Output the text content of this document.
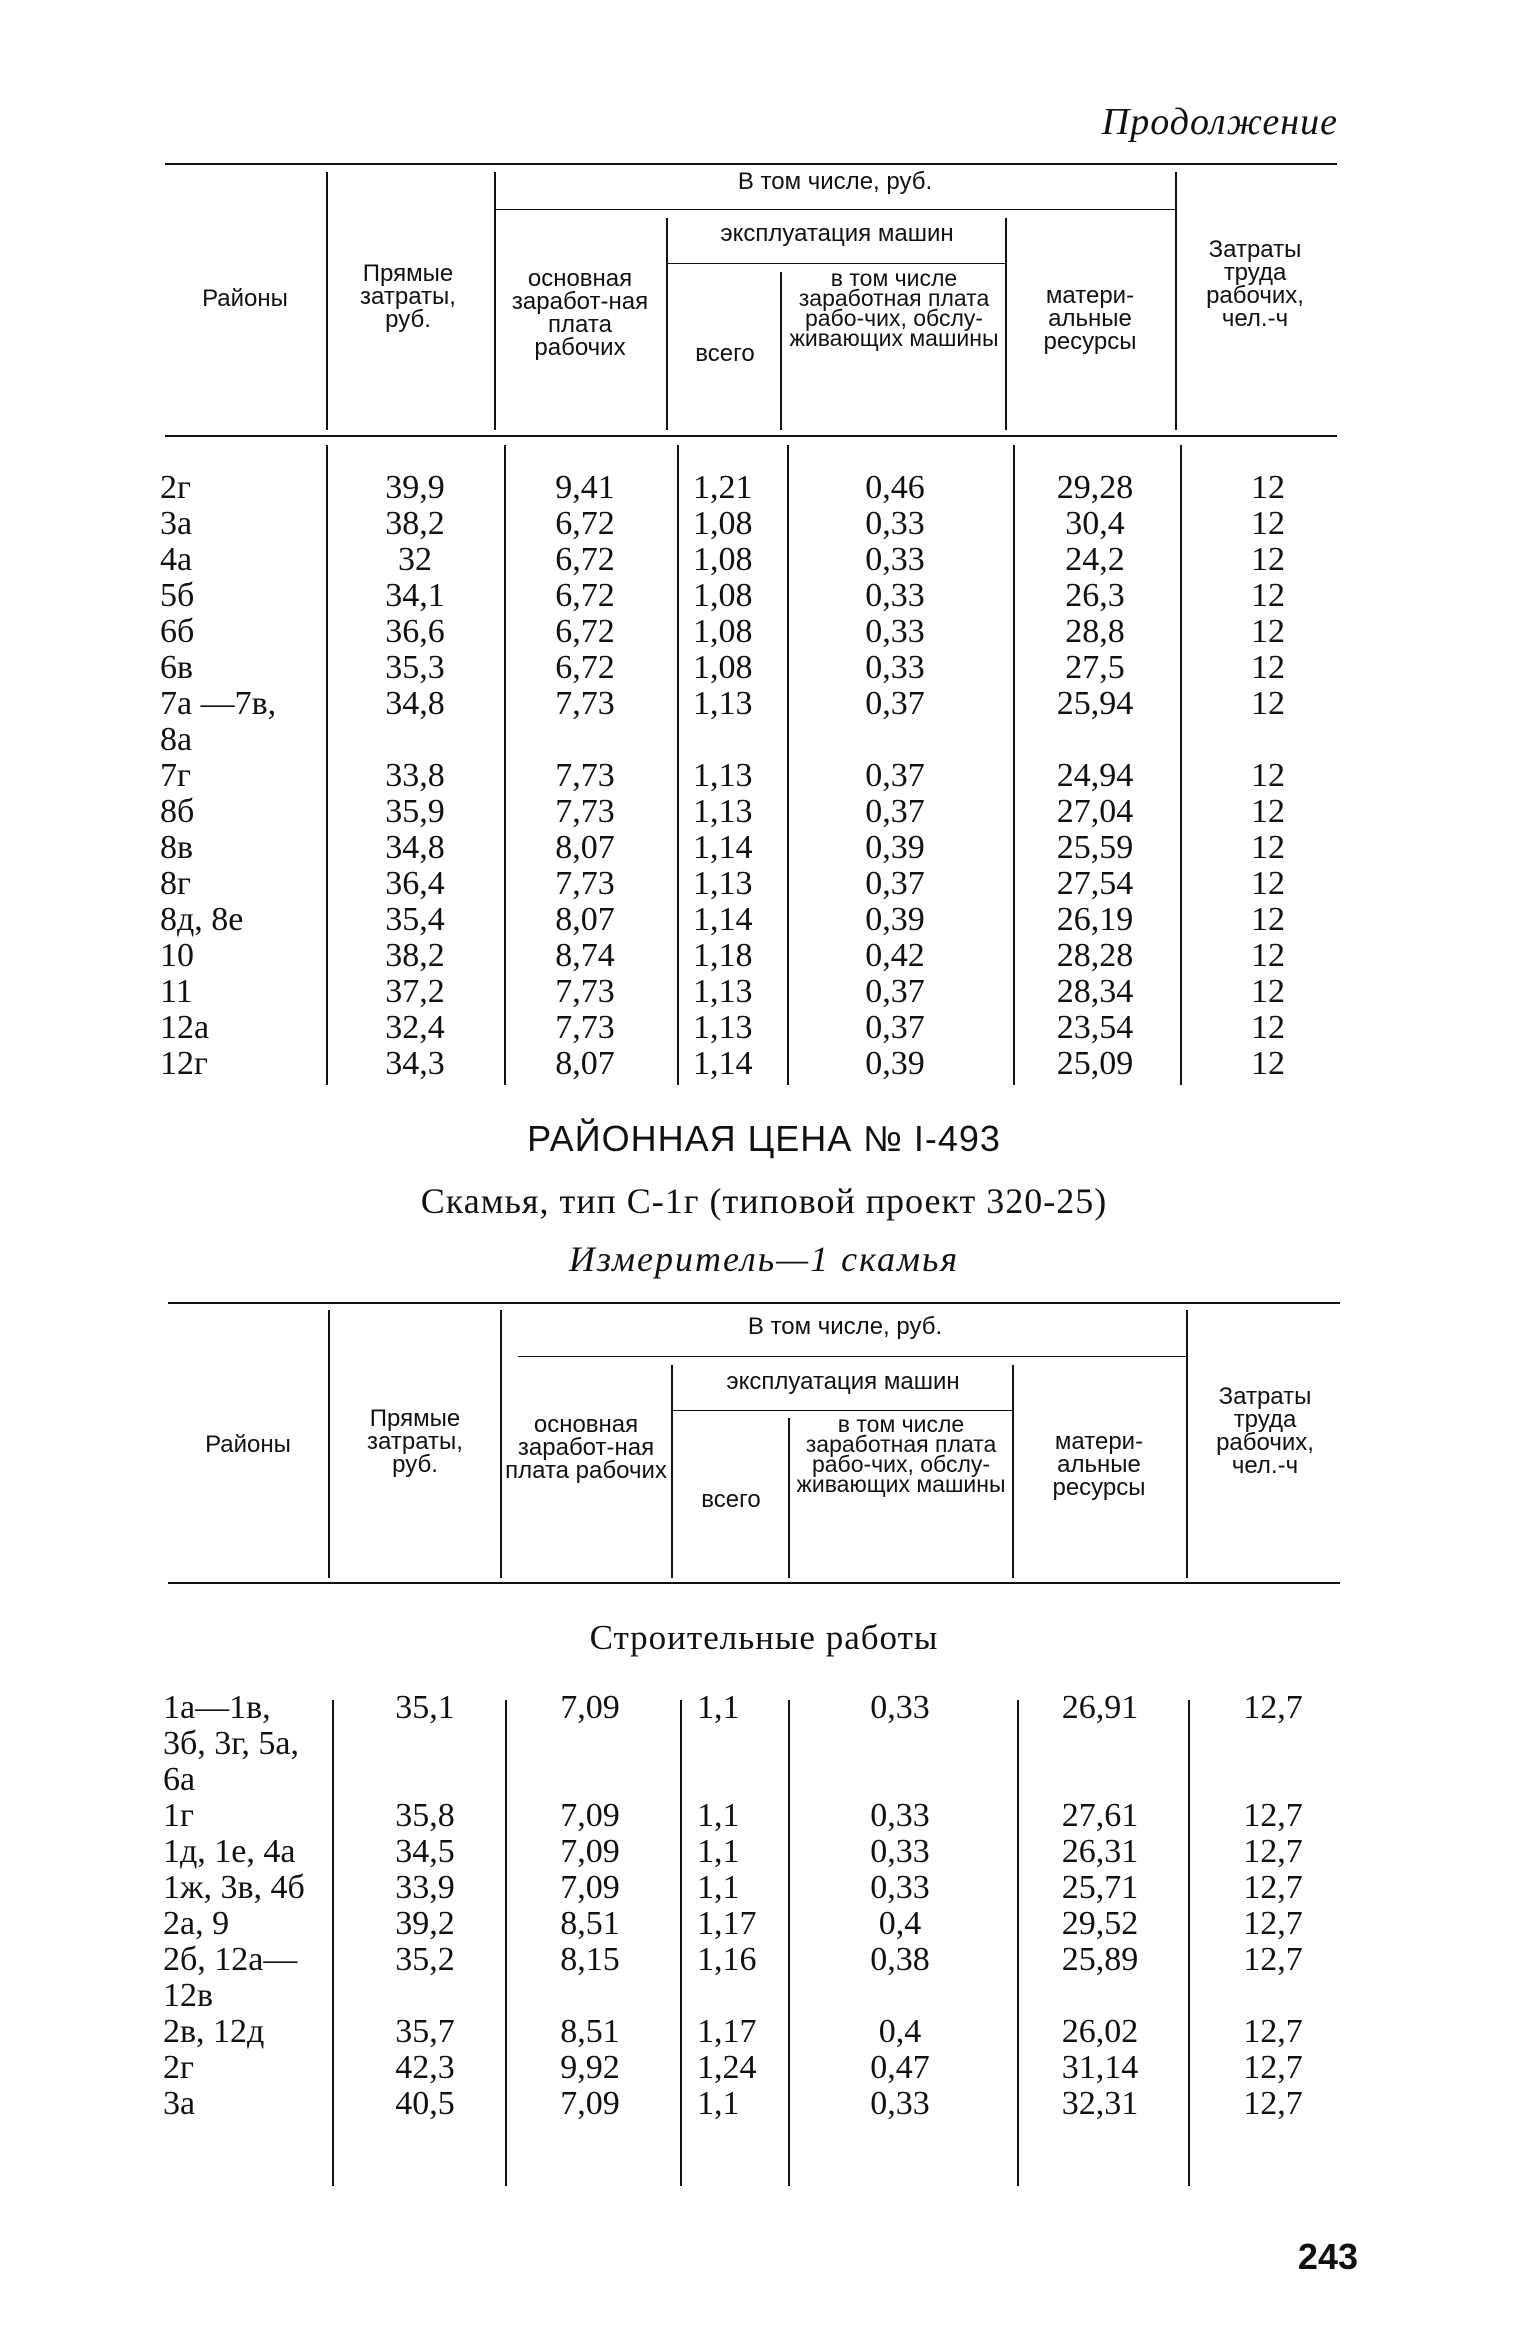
Продолжение
Районы
Прямые затраты, руб.
В том числе, руб.
основная заработ-ная плата рабочих
эксплуатация машин
всего
в том числе заработная плата рабо-чих, обслу-живающих машины
матери-альные ресурсы
Затраты труда рабочих, чел.-ч
2г	39,9	9,41	1,21	0,46	29,28	12
3а	38,2	6,72	1,08	0,33	30,4	12
4а	32	6,72	1,08	0,33	24,2	12
5б	34,1	6,72	1,08	0,33	26,3	12
6б	36,6	6,72	1,08	0,33	28,8	12
6в	35,3	6,72	1,08	0,33	27,5	12
7а —7в,
8а
34,8	7,73	1,13	0,37	25,94	12
7г	33,8	7,73	1,13	0,37	24,94	12
8б	35,9	7,73	1,13	0,37	27,04	12
8в	34,8	8,07	1,14	0,39	25,59	12
8г	36,4	7,73	1,13	0,37	27,54	12
8д, 8е	35,4	8,07	1,14	0,39	26,19	12
10	38,2	8,74	1,18	0,42	28,28	12
11	37,2	7,73	1,13	0,37	28,34	12
12а	32,4	7,73	1,13	0,37	23,54	12
12г	34,3	8,07	1,14	0,39	25,09	12
РАЙОННАЯ ЦЕНА № I-493
Скамья, тип С-1г (типовой проект 320-25)
Измеритель—1 скамья
Районы
Прямые затраты, руб.
В том числе, руб.
основная заработ-ная плата рабочих
эксплуатация машин
всего
в том числе заработная плата рабо-чих, обслу-живающих машины
матери-альные ресурсы
Затраты труда рабочих, чел.-ч
Строительные работы
1а—1в,
3б, 3г, 5а,
6а
35,1	7,09	1,1	0,33	26,91	12,7
1г	35,8	7,09	1,1	0,33	27,61	12,7
1д, 1е, 4а	34,5	7,09	1,1	0,33	26,31	12,7
1ж, 3в, 4б	33,9	7,09	1,1	0,33	25,71	12,7
2а, 9	39,2	8,51	1,17	0,4	29,52	12,7
2б, 12а—
12в
35,2	8,15	1,16	0,38	25,89	12,7
2в, 12д	35,7	8,51	1,17	0,4	26,02	12,7
2г	42,3	9,92	1,24	0,47	31,14	12,7
3а	40,5	7,09	1,1	0,33	32,31	12,7
243
